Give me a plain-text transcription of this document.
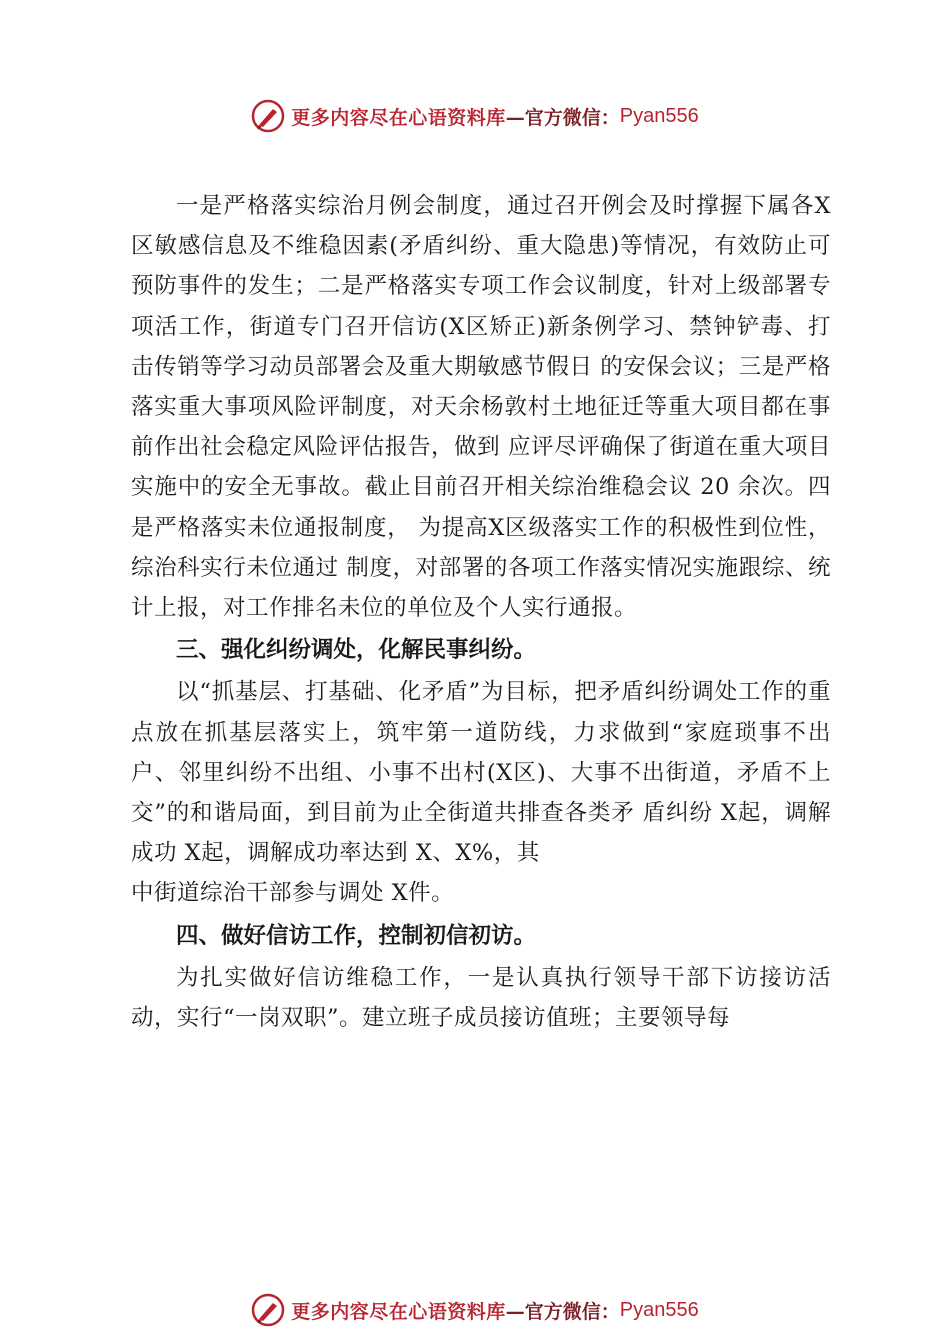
更多内容尽在心语资料库 —官方微信： Pyan556

一是严格落实综治月例会制度，通过召开例会及时撑握下属各X区敏感信息及不维稳因素(矛盾纠纷、重大隐患)等情况，有效防止可预防事件的发生；二是严格落实专项工作会议制度，针对上级部署专项活工作，街道专门召开信访(X区矫正)新条例学习、禁钟铲毒、打击传销等学习动员部署会及重大期敏感节假日 的安保会议；三是严格落实重大事项风险评制度，对天余杨敦村土地征迁等重大项目都在事前作出社会稳定风险评估报告，做到 应评尽评确保了街道在重大项目实施中的安全无事故。截止目前召开相关综治维稳会议 20 余次。四是严格落实未位通报制度， 为提高X区级落实工作的积极性到位性，综治科实行未位通过 制度，对部署的各项工作落实情况实施跟综、统计上报，对工作排名未位的单位及个人实行通报。

三、强化纠纷调处，化解民事纠纷。

以“抓基层、打基础、化矛盾”为目标，把矛盾纠纷调处工作的重点放在抓基层落实上，筑牢第一道防线，力求做到“家庭琐事不出户、邻里纠纷不出组、小事不出村(X区)、大事不出街道，矛盾不上交”的和谐局面，到目前为止全街道共排查各类矛 盾纠纷 X起，调解成功 X起，调解成功率达到 X、X%，其

中街道综治干部参与调处 X件。

四、做好信访工作，控制初信初访。

为扎实做好信访维稳工作，一是认真执行领导干部下访接访活动，实行“一岗双职”。建立班子成员接访值班；主要领导每

更多内容尽在心语资料库 —官方微信： Pyan556
